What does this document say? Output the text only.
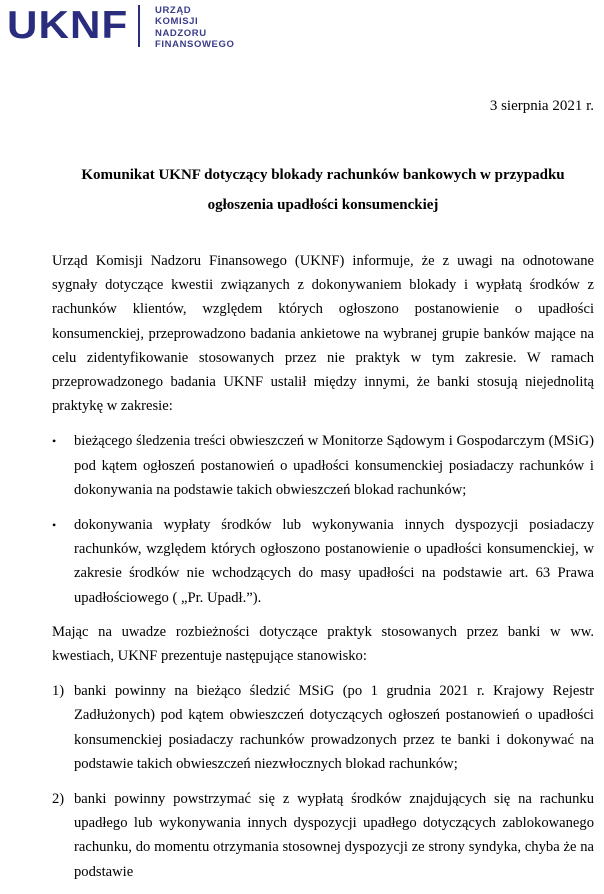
UKNF	URZĄD
KOMISJI
NADZORU
FINANSOWEGO
3 sierpnia 2021 r.
Komunikat UKNF dotyczący blokady rachunków bankowych w przypadku ogłoszenia upadłości konsumenckiej

Urząd Komisji Nadzoru Finansowego (UKNF) informuje, że z uwagi na odnotowane sygnały dotyczące kwestii związanych z dokonywaniem blokady i wypłatą środków z rachunków klientów, względem których ogłoszono postanowienie o upadłości konsumenckiej, przeprowadzono badania ankietowe na wybranej grupie banków mające na celu zidentyfikowanie stosowanych przez nie praktyk w tym zakresie. W ramach przeprowadzonego badania UKNF ustalił między innymi, że banki stosują niejednolitą praktykę w zakresie:

• bieżącego śledzenia treści obwieszczeń w Monitorze Sądowym i Gospodarczym (MSiG) pod kątem ogłoszeń postanowień o upadłości konsumenckiej posiadaczy rachunków i dokonywania na podstawie takich obwieszczeń blokad rachunków;
• dokonywania wypłaty środków lub wykonywania innych dyspozycji posiadaczy rachunków, względem których ogłoszono postanowienie o upadłości konsumenckiej, w zakresie środków nie wchodzących do masy upadłości na podstawie art. 63 Prawa upadłościowego ( „Pr. Upadł.”).

Mając na uwadze rozbieżności dotyczące praktyk stosowanych przez banki w ww. kwestiach, UKNF prezentuje następujące stanowisko:

1) banki powinny na bieżąco śledzić MSiG (po 1 grudnia 2021 r. Krajowy Rejestr Zadłużonych) pod kątem obwieszczeń dotyczących ogłoszeń postanowień o upadłości konsumenckiej posiadaczy rachunków prowadzonych przez te banki i dokonywać na podstawie takich obwieszczeń niezwłocznych blokad rachunków;
2) banki powinny powstrzymać się z wypłatą środków znajdujących się na rachunku upadłego lub wykonywania innych dyspozycji upadłego dotyczących zablokowanego rachunku, do momentu otrzymania stosownej dyspozycji ze strony syndyka, chyba że na podstawie
